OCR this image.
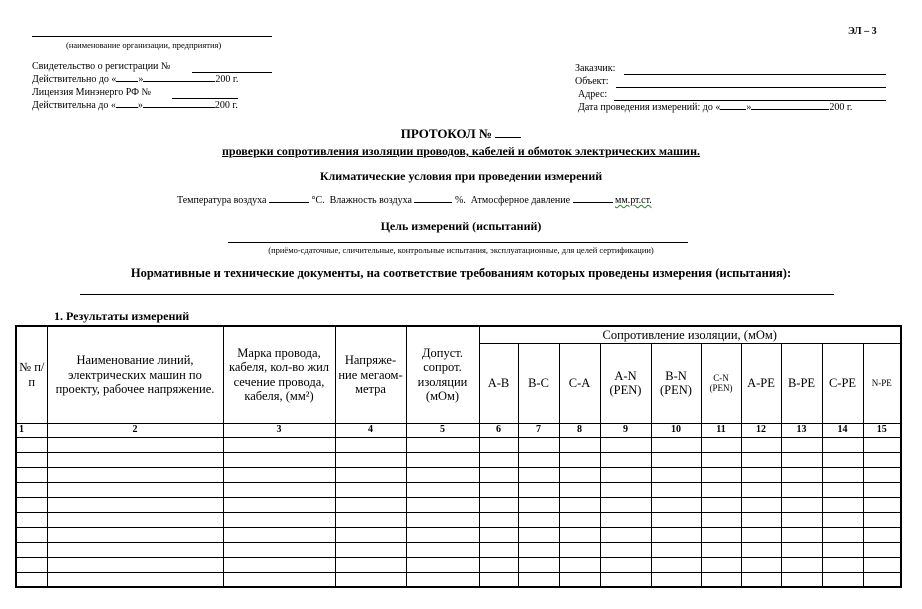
ЭЛ – 3
(наименование организации, предприятия)
Свидетельство о регистрации №
Действительно до « »	200 г.
Лицензия Минэнерго РФ №
Действительна до « »	200 г.
Заказчик:
Объект:
Адрес:
Дата проведения измерений: до «	»	200 г.
ПРОТОКОЛ №
проверки сопротивления изоляции проводов, кабелей и обмоток электрических машин.
Климатические условия при проведении измерений
Температура воздуха	°С. Влажность воздуха	%. Атмосферное давление	мм.рт.ст.
Цель измерений (испытаний)
(приёмо-сдаточные, сличительные, контрольные испытания, эксплуатационные, для целей сертификации)
Нормативные и технические документы, на соответствие требованиям которых проведены измерения (испытания):
1. Результаты измерений
№ п/п	Наименование линий, электрических машин по проекту, рабочее напряжение.	Марка провода, кабеля, кол-во жил сечение провода, кабеля, (мм²)	Напряже-ние мегаом-метра	Допуст. сопрот. изоляции (мОм)	Сопротивление изоляции, (мОм)									
					А-В	В-С	С-А	А-N (PEN)	В-N (PEN)	С-N (PEN)	А-РЕ	В-РЕ	С-РЕ	N-РЕ
1	2	3	4	5	6	7	8	9	10	11	12	13	14	15
